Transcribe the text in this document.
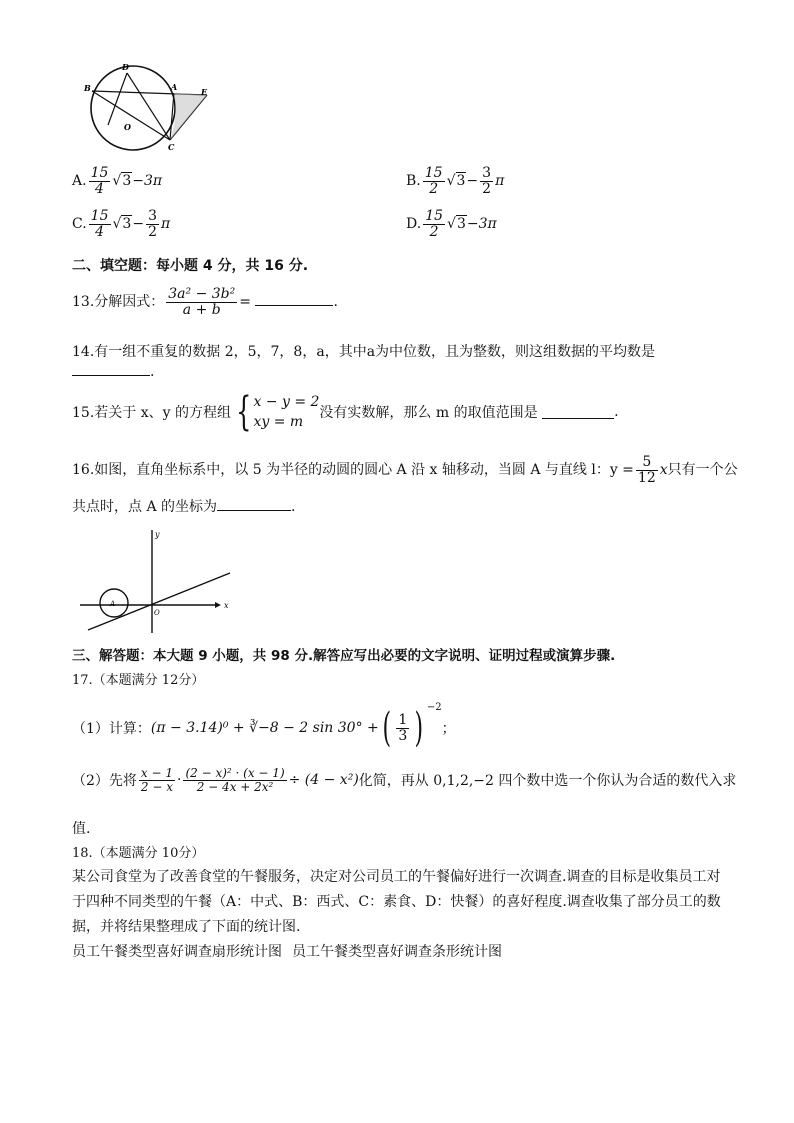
B
D
A	E
O
C
A. $\frac{15}{4} √3-3\pi$	B. $\frac{15}{2} √3- \frac{3}{2}$ π
C. $\frac{15}{4} √3- \frac{3}{2}$ π	D. $\frac{15}{2} √3-3\pi$
二、填空题：每小题 4 分，共 16 分.
13.分解因式： $\frac{\text{3a² − 3b²}}{a + b}$ =	.
14.有一组不重复的数据 2，5，7，8，a，其中a为中位数，且为整数，则这组数据的平均数是
.
15.若关于 x、y 的方程组 { x − y = 2
xy = m
没有实数解，那么 m 的取值范围是	.
16.如图，直角坐标系中，以 5 为半径的动圆的圆心 A 沿 x 轴移动，当圆 A 与直线 l：$y = \frac{5}{12}$ x只有一个公
共点时，点 A 的坐标为	.
A
O
x
y
三、解答题：本大题 9 小题，共 98 分.解答应写出必要的文字说明、证明过程或演算步骤.
17.（本题满分 12分）
（1）计算：(π − 3.14)⁰ + ∛−8 − 2 sin 30° +( $\frac{1}{3}$ ) $^{-2}$；
（2）先将 $\frac{x - 1}{2 - x} \cdot \frac{\text{(2 − x)² · (x − 1)}}{\text{2 − 4x + 2x²}} \div (4 - x^2)$化简，再从 0,1,2,−2 四个数中选一个你认为合适的数代入求
值.
18.（本题满分 10分）
某公司食堂为了改善食堂的午餐服务，决定对公司员工的午餐偏好进行一次调查.调查的目标是收集员工对
于四种不同类型的午餐（A：中式、B：西式、C：素食、D：快餐）的喜好程度.调查收集了部分员工的数
据，并将结果整理成了下面的统计图.
员工午餐类型喜好调查扇形统计图 员工午餐类型喜好调查条形统计图
